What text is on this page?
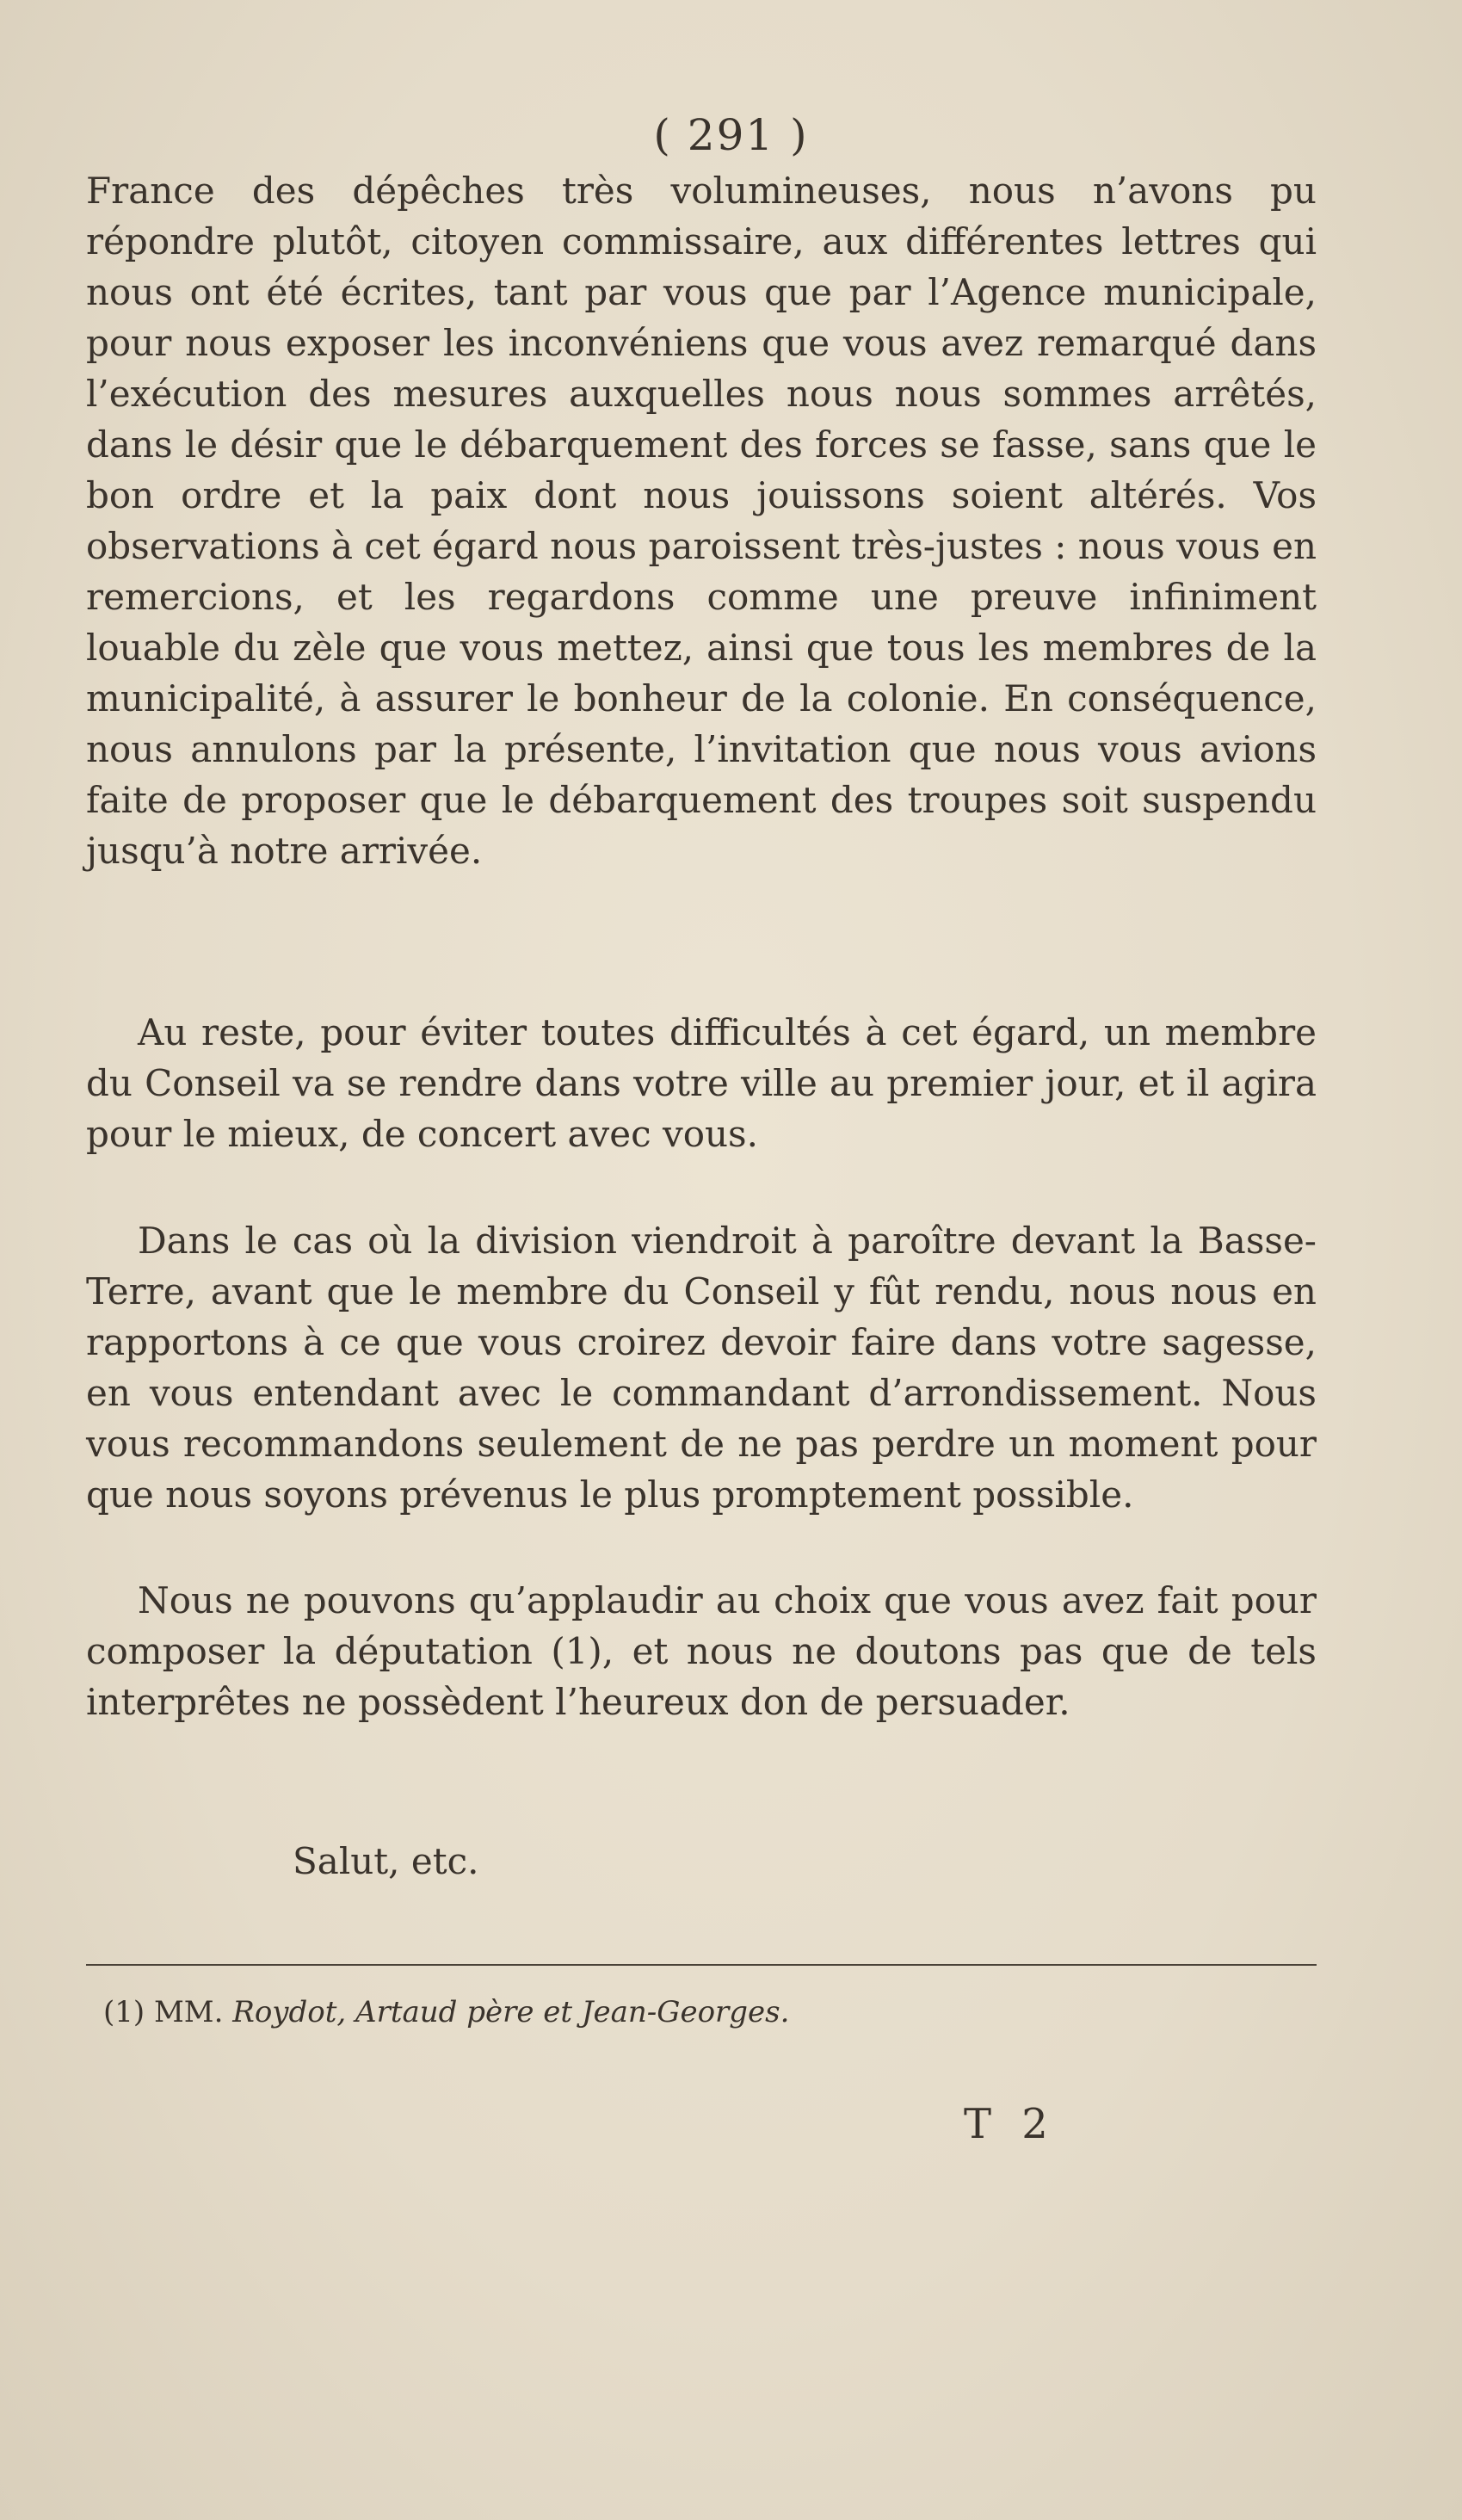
( 291 )

France des dépêches très volumineuses, nous n’avons pu répondre plutôt, citoyen commissaire, aux différentes lettres qui nous ont été écrites, tant par vous que par l’Agence municipale, pour nous exposer les inconvéniens que vous avez remarqué dans l’exécution des mesures auxquelles nous nous sommes arrêtés, dans le désir que le débarquement des forces se fasse, sans que le bon ordre et la paix dont nous jouissons soient altérés. Vos observations à cet égard nous paroissent très-justes : nous vous en remercions, et les regardons comme une preuve infiniment louable du zèle que vous mettez, ainsi que tous les membres de la municipalité, à assurer le bonheur de la colonie. En conséquence, nous annulons par la présente, l’invitation que nous vous avions faite de proposer que le débarquement des troupes soit suspendu jusqu’à notre arrivée.

Au reste, pour éviter toutes difficultés à cet égard, un membre du Conseil va se rendre dans votre ville au premier jour, et il agira pour le mieux, de concert avec vous.

Dans le cas où la division viendroit à paroître devant la Basse-Terre, avant que le membre du Conseil y fût rendu, nous nous en rapportons à ce que vous croirez devoir faire dans votre sagesse, en vous entendant avec le commandant d’arrondissement. Nous vous recommandons seulement de ne pas perdre un moment pour que nous soyons prévenus le plus promptement possible.

Nous ne pouvons qu’applaudir au choix que vous avez fait pour composer la députation (1), et nous ne doutons pas que de tels interprêtes ne possèdent l’heureux don de persuader.

Salut, etc.
(1) MM. Roydot, Artaud père et Jean-Georges.
T 2
